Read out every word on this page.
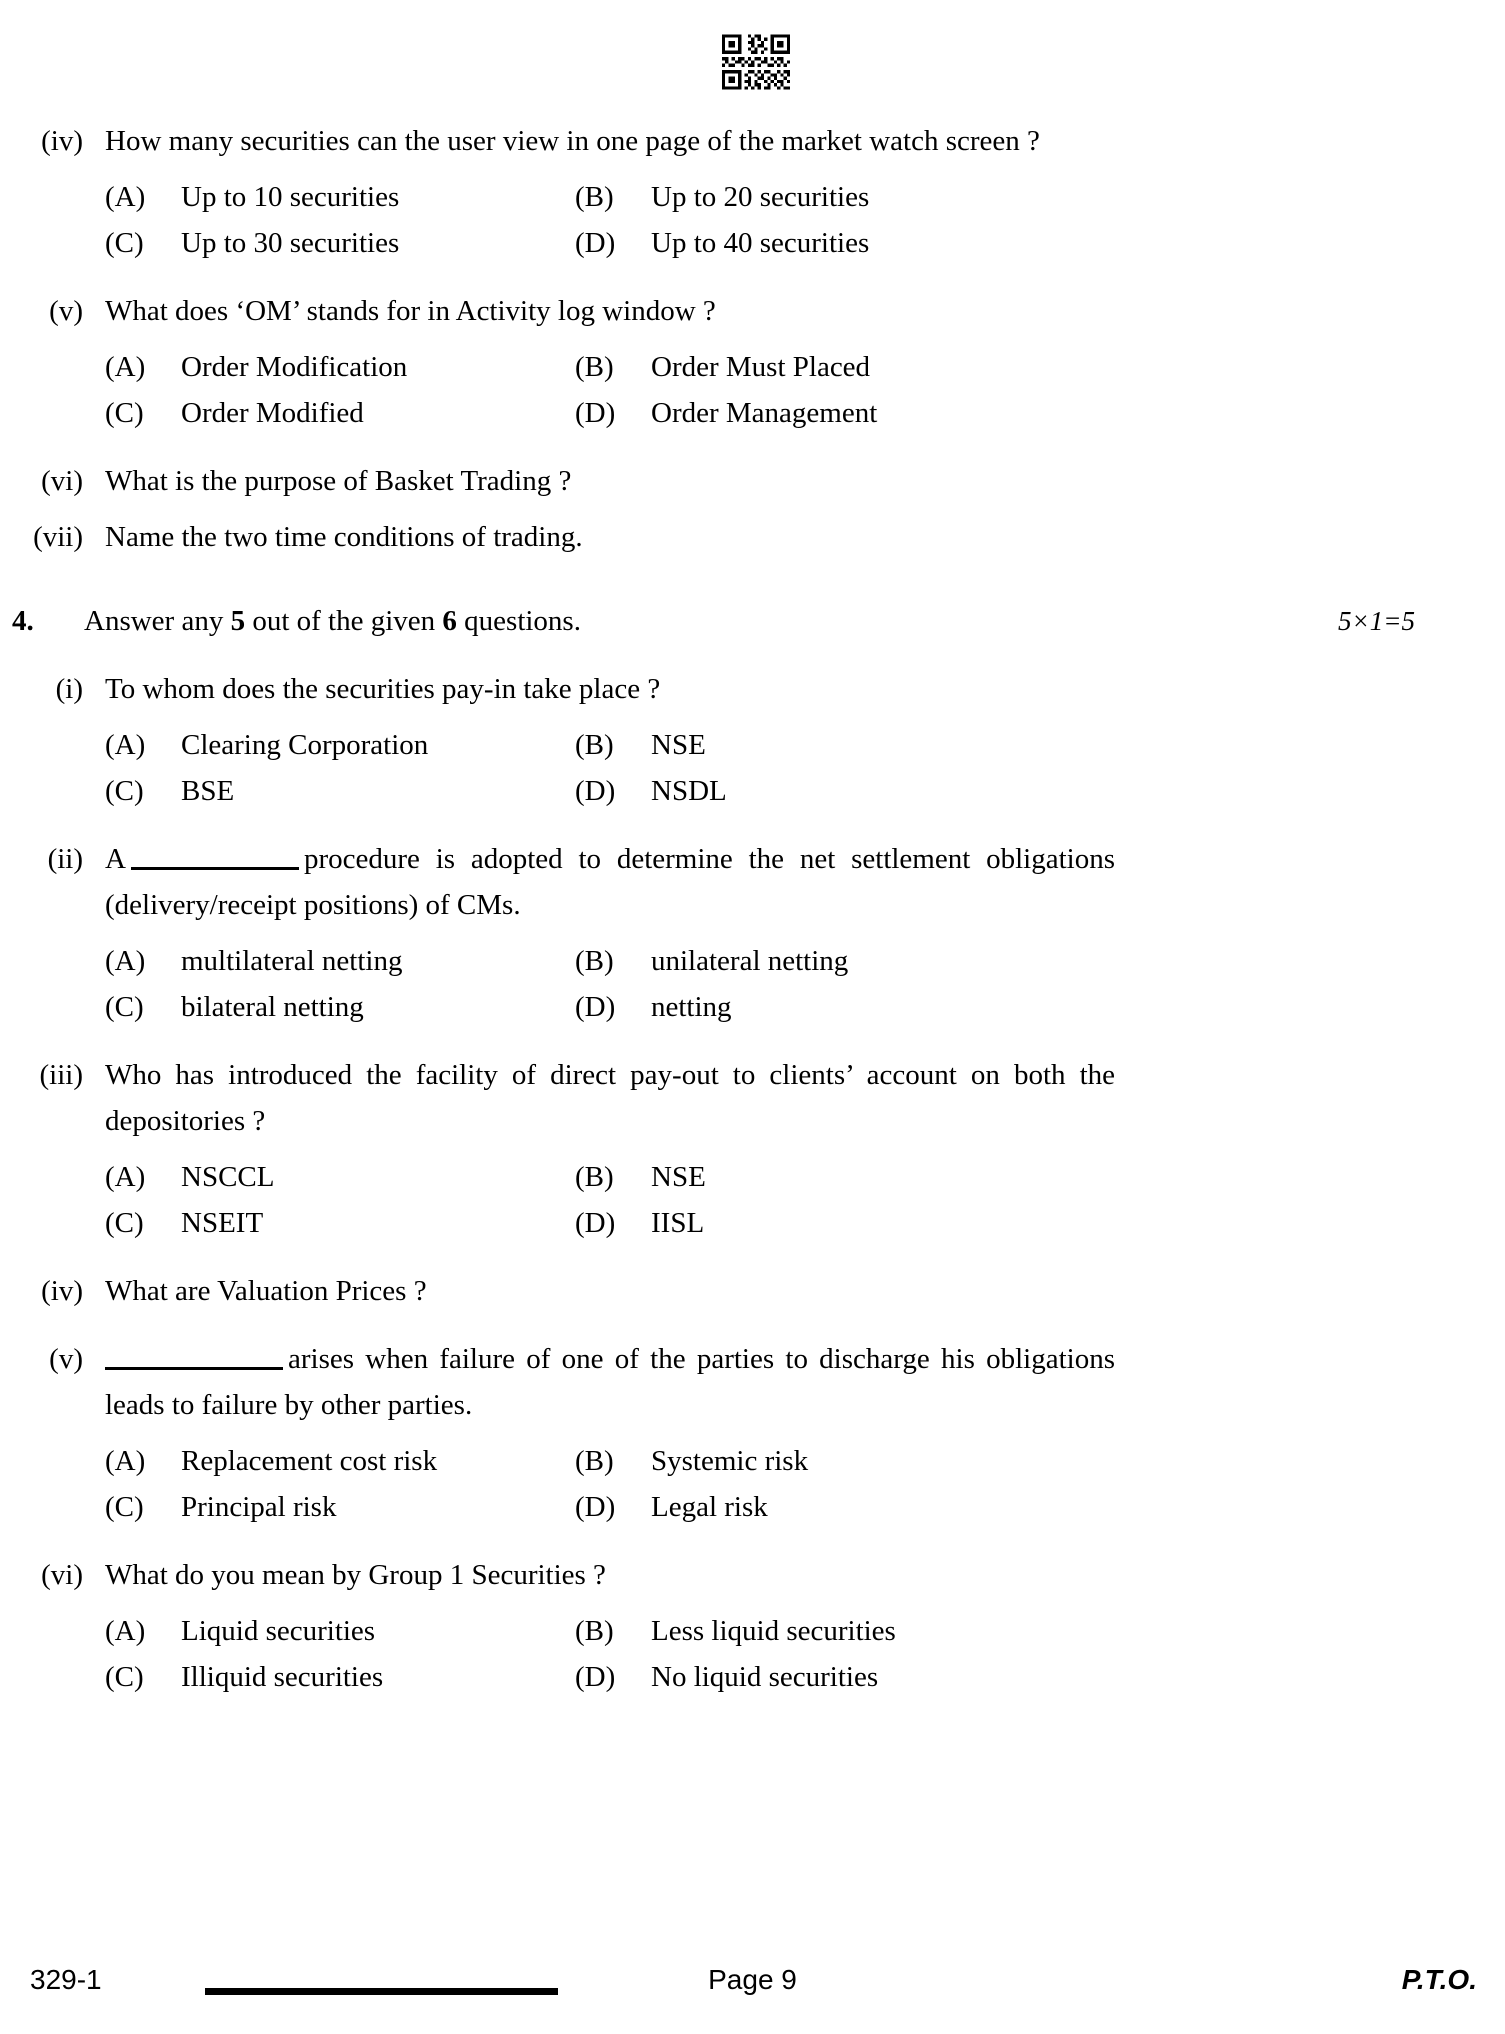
(iv) How many securities can the user view in one page of the market watch screen ?
(A)	Up to 10 securities	(B)	Up to 20 securities
(C)	Up to 30 securities	(D)	Up to 40 securities
(v) What does ‘OM’ stands for in Activity log window ?
(A)	Order Modification	(B)	Order Must Placed
(C)	Order Modified	(D)	Order Management
(vi) What is the purpose of Basket Trading ?
(vii) Name the two time conditions of trading.
4.	Answer any 5 out of the given 6 questions.	5×1=5
(i) To whom does the securities pay-in take place ?
(A)	Clearing Corporation	(B)	NSE
(C)	BSE	(D)	NSDL
(ii) A	procedure is adopted to determine the net settlement obligations (delivery/receipt positions) of CMs.
(A)	multilateral netting	(B)	unilateral netting
(C)	bilateral netting	(D)	netting
(iii) Who has introduced the facility of direct pay-out to clients’ account on both the depositories ?
(A)	NSCCL	(B)	NSE
(C)	NSEIT	(D)	IISL
(iv) What are Valuation Prices ?
(v)	arises when failure of one of the parties to discharge his obligations leads to failure by other parties.
(A)	Replacement cost risk	(B)	Systemic risk
(C)	Principal risk	(D)	Legal risk
(vi) What do you mean by Group 1 Securities ?
(A)	Liquid securities	(B)	Less liquid securities
(C)	Illiquid securities	(D)	No liquid securities
329-1	Page 9	P.T.O.
